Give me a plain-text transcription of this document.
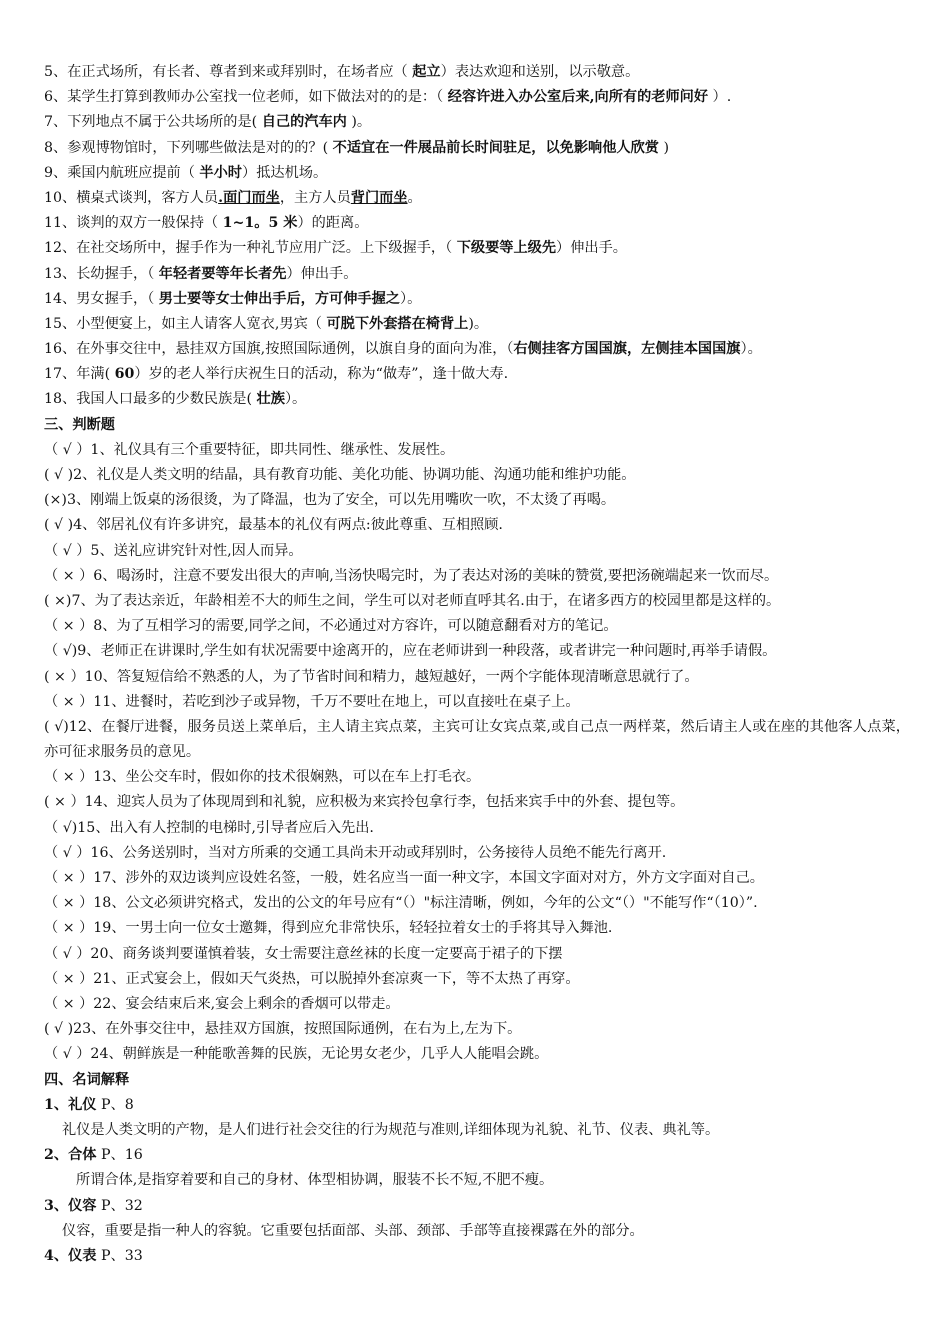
5、在正式场所，有长者、尊者到来或拜别时，在场者应（ 起立）表达欢迎和送别，以示敬意。
6、某学生打算到教师办公室找一位老师，如下做法对的的是：（ 经容许进入办公室后来,向所有的老师问好 ）.
7、下列地点不属于公共场所的是( 自己的汽车内 )。
8、参观博物馆时，下列哪些做法是对的的？( 不适宜在一件展品前长时间驻足，以免影响他人欣赏 )
9、乘国内航班应提前（ 半小时）抵达机场。
10、横桌式谈判，客方人员.面门而坐，主方人员背门而坐。
11、谈判的双方一般保持（ 1~1。5 米）的距离。
12、在社交场所中，握手作为一种礼节应用广泛。上下级握手，（ 下级要等上级先）伸出手。
13、长幼握手，（ 年轻者要等年长者先）伸出手。
14、男女握手，（ 男士要等女士伸出手后，方可伸手握之）。
15、小型便宴上，如主人请客人宽衣,男宾（ 可脱下外套搭在椅背上)。
16、在外事交往中，悬挂双方国旗,按照国际通例，以旗自身的面向为准，（右侧挂客方国国旗，左侧挂本国国旗）。
17、年满( 60）岁的老人举行庆祝生日的活动，称为“做寿”，逢十做大寿.
18、我国人口最多的少数民族是( 壮族）。
三、判断题
（ √ ）1、礼仪具有三个重要特征，即共同性、继承性、发展性。
( √ )2、礼仪是人类文明的结晶，具有教育功能、美化功能、协调功能、沟通功能和维护功能。
(×)3、刚端上饭桌的汤很烫，为了降温，也为了安全，可以先用嘴吹一吹，不太烫了再喝。
( √ )4、邻居礼仪有许多讲究，最基本的礼仪有两点:彼此尊重、互相照顾.
（ √ ）5、送礼应讲究针对性,因人而异。
（ × ）6、喝汤时，注意不要发出很大的声响,当汤快喝完时，为了表达对汤的美味的赞赏,要把汤碗端起来一饮而尽。
( ×)7、为了表达亲近，年龄相差不大的师生之间，学生可以对老师直呼其名.由于，在诸多西方的校园里都是这样的。
（ × ）8、为了互相学习的需要,同学之间，不必通过对方容许，可以随意翻看对方的笔记。
（ √)9、老师正在讲课时,学生如有状况需要中途离开的，应在老师讲到一种段落，或者讲完一种问题时,再举手请假。
( × ）10、答复短信给不熟悉的人，为了节省时间和精力，越短越好，一两个字能体现清晰意思就行了。
（ × ）11、进餐时，若吃到沙子或异物，千万不要吐在地上，可以直接吐在桌子上。
( √)12、在餐厅进餐，服务员送上菜单后，主人请主宾点菜，主宾可让女宾点菜,或自己点一两样菜，然后请主人或在座的其他客人点菜，亦可征求服务员的意见。
（ × ）13、坐公交车时，假如你的技术很娴熟，可以在车上打毛衣。
( × ）14、迎宾人员为了体现周到和礼貌，应积极为来宾拎包拿行李，包括来宾手中的外套、提包等。
（ √)15、出入有人控制的电梯时,引导者应后入先出.
（ √ ）16、公务送别时，当对方所乘的交通工具尚未开动或拜别时，公务接待人员绝不能先行离开.
（ × ）17、涉外的双边谈判应设姓名签，一般，姓名应当一面一种文字，本国文字面对对方，外方文字面对自己。
（ × ）18、公文必须讲究格式，发出的公文的年号应有“（）"标注清晰，例如，今年的公文“（）"不能写作“（10）”.
（ × ）19、一男士向一位女士邀舞，得到应允非常快乐，轻轻拉着女士的手将其导入舞池.
（ √ ）20、商务谈判要谨慎着装，女士需要注意丝袜的长度一定要高于裙子的下摆
（ × ）21、正式宴会上，假如天气炎热，可以脱掉外套凉爽一下，等不太热了再穿。
（ × ）22、宴会结束后来,宴会上剩余的香烟可以带走。
( √ )23、在外事交往中，悬挂双方国旗，按照国际通例，在右为上,左为下。
（ √ ）24、朝鲜族是一种能歌善舞的民族，无论男女老少，几乎人人能唱会跳。
四、名词解释
1、礼仪 P、8
礼仪是人类文明的产物，是人们进行社会交往的行为规范与准则,详细体现为礼貌、礼节、仪表、典礼等。
2、合体 P、16
所谓合体,是指穿着要和自己的身材、体型相协调，服装不长不短,不肥不瘦。
3、仪容 P、32
仪容，重要是指一种人的容貌。它重要包括面部、头部、颈部、手部等直接裸露在外的部分。
4、仪表 P、33
